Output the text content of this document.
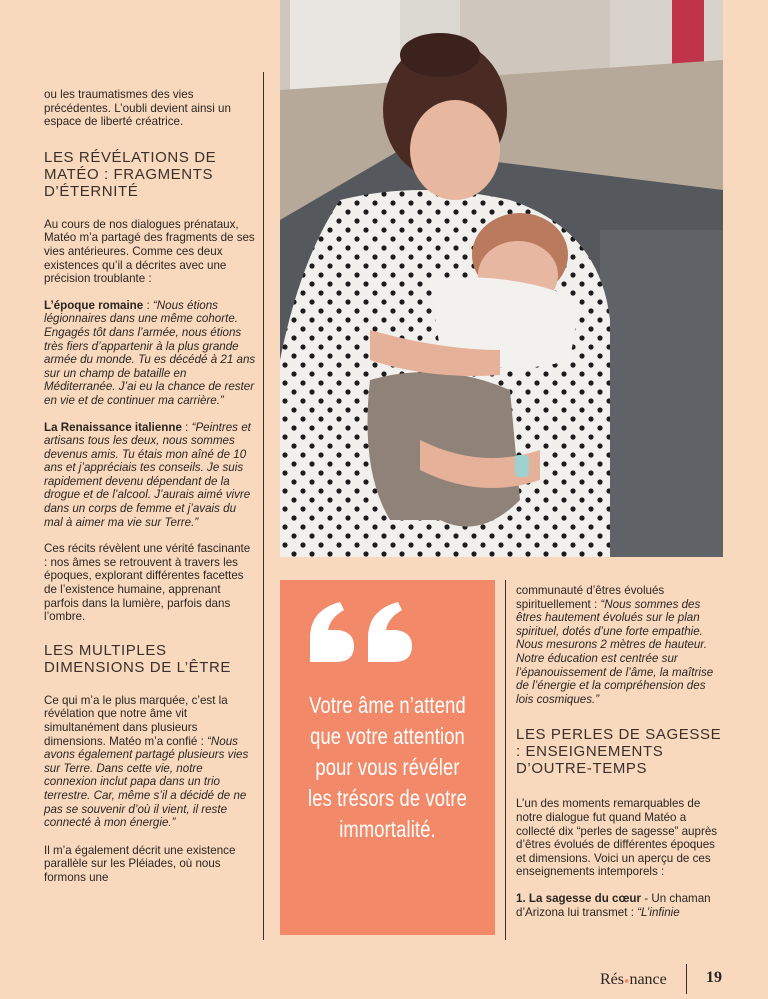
ou les traumatismes des vies précédentes. L’oubli devient ainsi un espace de liberté créatrice.

LES RÉVÉLATIONS DE MATÉO : FRAGMENTS D’ÉTERNITÉ

Au cours de nos dialogues prénataux, Matéo m’a partagé des fragments de ses vies antérieures. Comme ces deux existences qu’il a décrites avec une précision troublante :

L’époque romaine : “Nous étions légionnaires dans une même cohorte. Engagés tôt dans l’armée, nous étions très fiers d’appartenir à la plus grande armée du monde. Tu es décédé à 21 ans sur un champ de bataille en Méditerranée. J’ai eu la chance de rester en vie et de continuer ma carrière.”

La Renaissance italienne : “Peintres et artisans tous les deux, nous sommes devenus amis. Tu étais mon aîné de 10 ans et j’appréciais tes conseils. Je suis rapidement devenu dépendant de la drogue et de l’alcool. J’aurais aimé vivre dans un corps de femme et j’avais du mal à aimer ma vie sur Terre.”

Ces récits révèlent une vérité fascinante : nos âmes se retrouvent à travers les époques, explorant différentes facettes de l’existence humaine, apprenant parfois dans la lumière, parfois dans l’ombre.

LES MULTIPLES DIMENSIONS DE L’ÊTRE

Ce qui m’a le plus marquée, c’est la révélation que notre âme vit simultanément dans plusieurs dimensions. Matéo m’a confié : “Nous avons également partagé plusieurs vies sur Terre. Dans cette vie, notre connexion inclut papa dans un trio terrestre. Car, même s’il a décidé de ne pas se souvenir d’où il vient, il reste connecté à mon énergie.”

Il m’a également décrit une existence parallèle sur les Pléiades, où nous formons une

Votre âme n’attend que votre attention pour vous révéler les trésors de votre immortalité.

communauté d’êtres évolués spirituellement : “Nous sommes des êtres hautement évolués sur le plan spirituel, dotés d’une forte empathie. Nous mesurons 2 mètres de hauteur. Notre éducation est centrée sur l’épanouissement de l’âme, la maîtrise de l’énergie et la compréhension des lois cosmiques.”

LES PERLES DE SAGESSE : ENSEIGNEMENTS D’OUTRE-TEMPS

L’un des moments remarquables de notre dialogue fut quand Matéo a collecté dix “perles de sagesse” auprès d’êtres évolués de différentes époques et dimensions. Voici un aperçu de ces enseignements intemporels :

1. La sagesse du cœur - Un chaman d’Arizona lui transmet : “L’infinie

Rés●nance 19
